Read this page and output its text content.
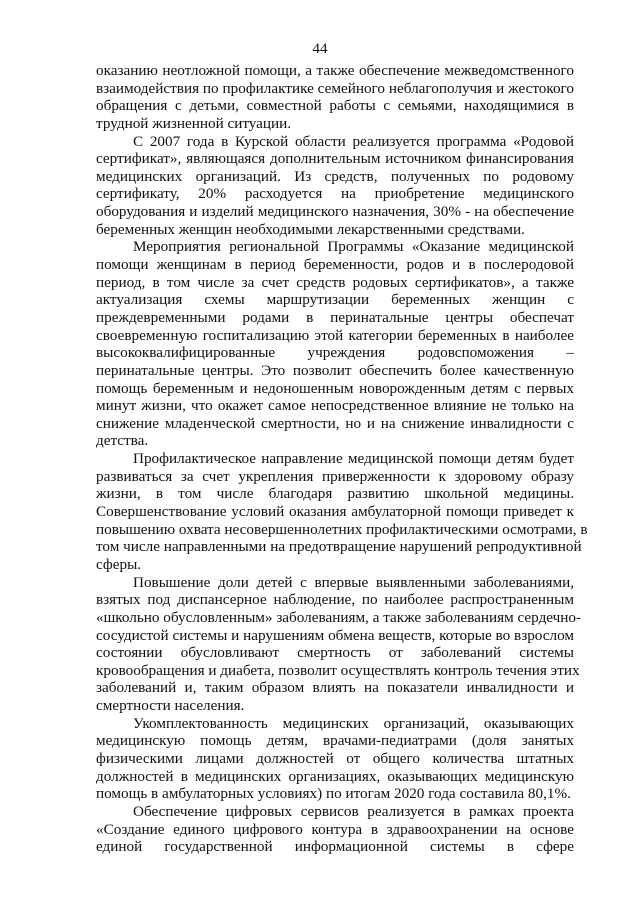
44

оказанию неотложной помощи, а также обеспечение межведомственного
взаимодействия по профилактике семейного неблагополучия и жестокого
обращения с детьми, совместной работы с семьями, находящимися в
трудной жизненной ситуации.

С 2007 года в Курской области реализуется программа «Родовой
сертификат», являющаяся дополнительным источником финансирования
медицинских организаций. Из средств, полученных по родовому
сертификату, 20% расходуется на приобретение медицинского
оборудования и изделий медицинского назначения, 30% - на обеспечение
беременных женщин необходимыми лекарственными средствами.

Мероприятия региональной Программы «Оказание медицинской
помощи женщинам в период беременности, родов и в послеродовой
период, в том числе за счет средств родовых сертификатов», а также
актуализация схемы маршрутизации беременных женщин с
преждевременными родами в перинатальные центры обеспечат
своевременную госпитализацию этой категории беременных в наиболее
высококвалифицированные учреждения родовспоможения –
перинатальные центры. Это позволит обеспечить более качественную
помощь беременным и недоношенным новорожденным детям с первых
минут жизни, что окажет самое непосредственное влияние не только на
снижение младенческой смертности, но и на снижение инвалидности с
детства.

Профилактическое направление медицинской помощи детям будет
развиваться за счет укрепления приверженности к здоровому образу
жизни, в том числе благодаря развитию школьной медицины.
Совершенствование условий оказания амбулаторной помощи приведет к
повышению охвата несовершеннолетних профилактическими осмотрами, в
том числе направленными на предотвращение нарушений репродуктивной
сферы.

Повышение доли детей с впервые выявленными заболеваниями,
взятых под диспансерное наблюдение, по наиболее распространенным
«школьно обусловленным» заболеваниям, а также заболеваниям сердечно-
сосудистой системы и нарушениям обмена веществ, которые во взрослом
состоянии обусловливают смертность от заболеваний системы
кровообращения и диабета, позволит осуществлять контроль течения этих
заболеваний и, таким образом влиять на показатели инвалидности и
смертности населения.

Укомплектованность медицинских организаций, оказывающих
медицинскую помощь детям, врачами-педиатрами (доля занятых
физическими лицами должностей от общего количества штатных
должностей в медицинских организациях, оказывающих медицинскую
помощь в амбулаторных условиях) по итогам 2020 года составила 80,1%.

Обеспечение цифровых сервисов реализуется в рамках проекта
«Создание единого цифрового контура в здравоохранении на основе
единой государственной информационной системы в сфере
